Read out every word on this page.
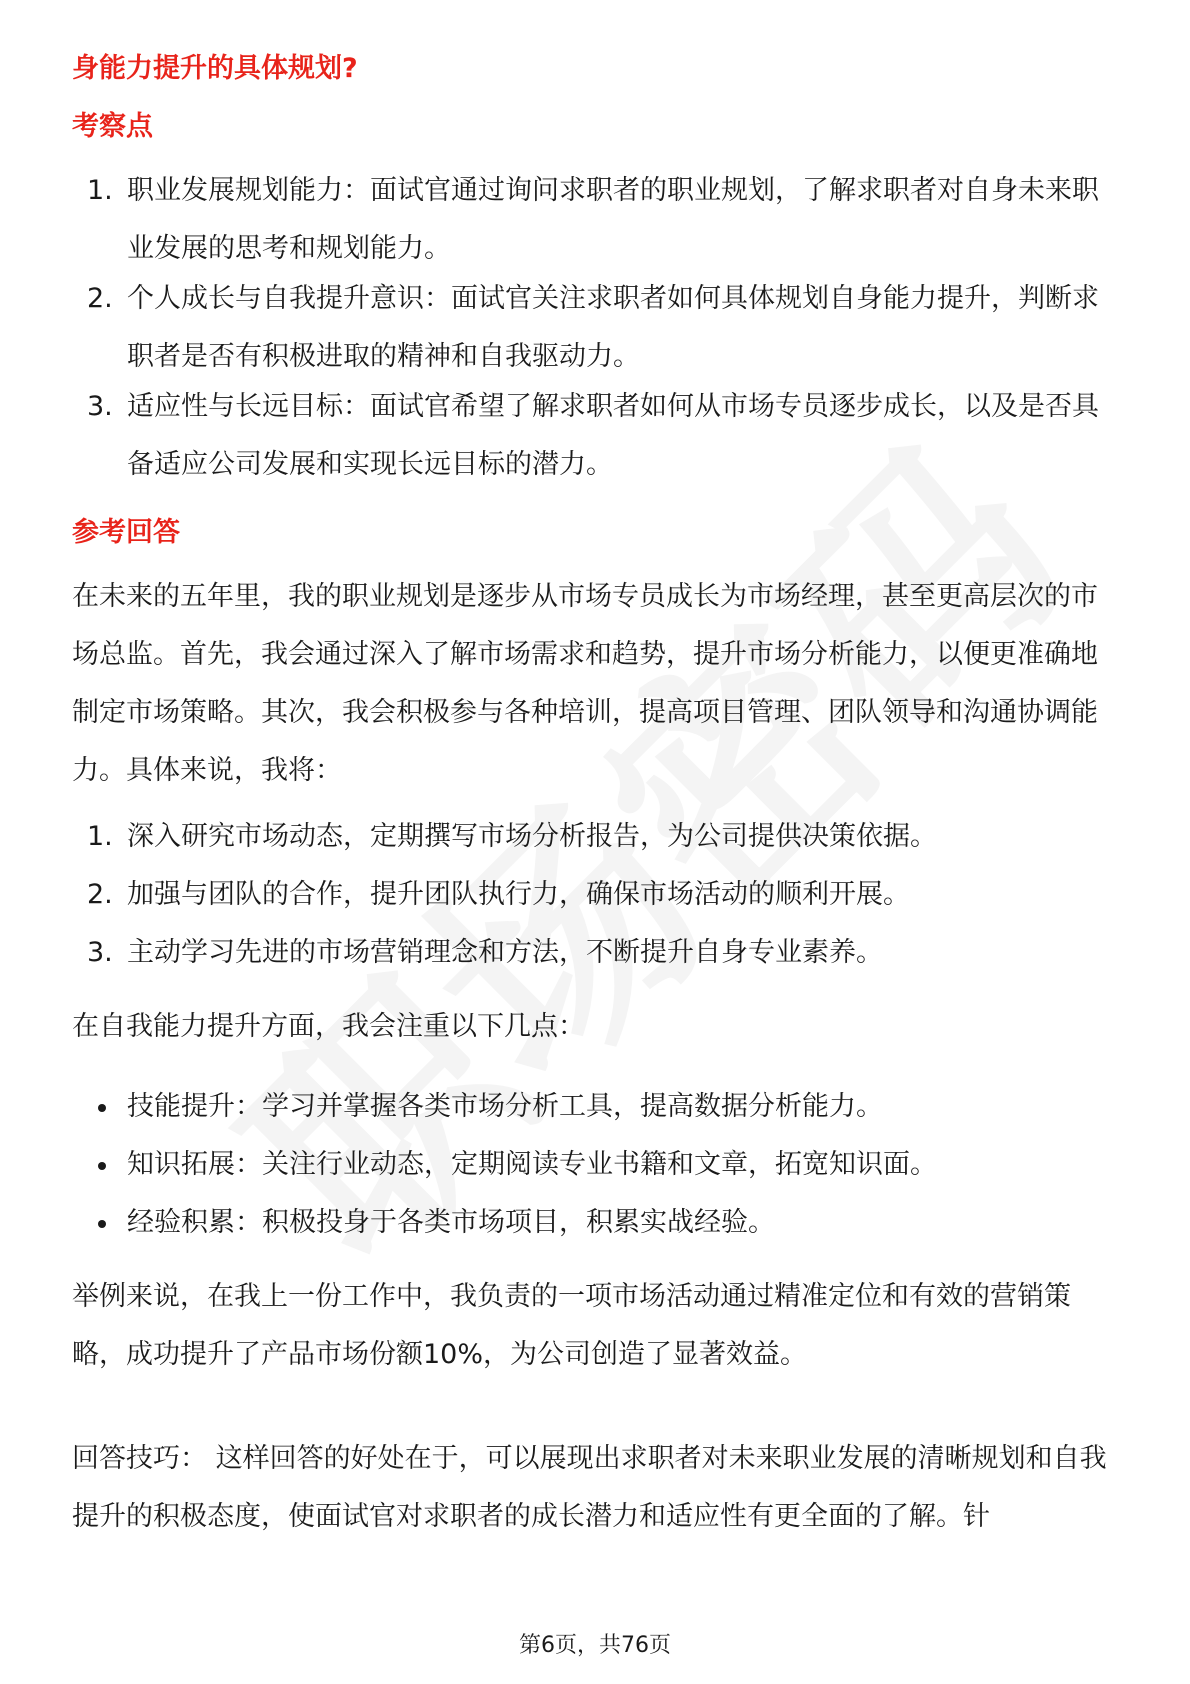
身能力提升的具体规划?
考察点
1. 职业发展规划能力：面试官通过询问求职者的职业规划，了解求职者对自身未来职业发展的思考和规划能力。
2. 个人成长与自我提升意识：面试官关注求职者如何具体规划自身能力提升，判断求职者是否有积极进取的精神和自我驱动力。
3. 适应性与长远目标：面试官希望了解求职者如何从市场专员逐步成长，以及是否具备适应公司发展和实现长远目标的潜力。
参考回答

在未来的五年里，我的职业规划是逐步从市场专员成长为市场经理，甚至更高层次的市场总监。首先，我会通过深入了解市场需求和趋势，提升市场分析能力，以便更准确地制定市场策略。其次，我会积极参与各种培训，提高项目管理、团队领导和沟通协调能力。具体来说，我将：

1. 深入研究市场动态，定期撰写市场分析报告，为公司提供决策依据。
2. 加强与团队的合作，提升团队执行力，确保市场活动的顺利开展。
3. 主动学习先进的市场营销理念和方法，不断提升自身专业素养。

在自我能力提升方面，我会注重以下几点：

技能提升：学习并掌握各类市场分析工具，提高数据分析能力。
知识拓展：关注行业动态，定期阅读专业书籍和文章，拓宽知识面。
经验积累：积极投身于各类市场项目，积累实战经验。

举例来说，在我上一份工作中，我负责的一项市场活动通过精准定位和有效的营销策略，成功提升了产品市场份额10%，为公司创造了显著效益。

回答技巧： 这样回答的好处在于，可以展现出求职者对未来职业发展的清晰规划和自我提升的积极态度，使面试官对求职者的成长潜力和适应性有更全面的了解。针

第6页，共76页
